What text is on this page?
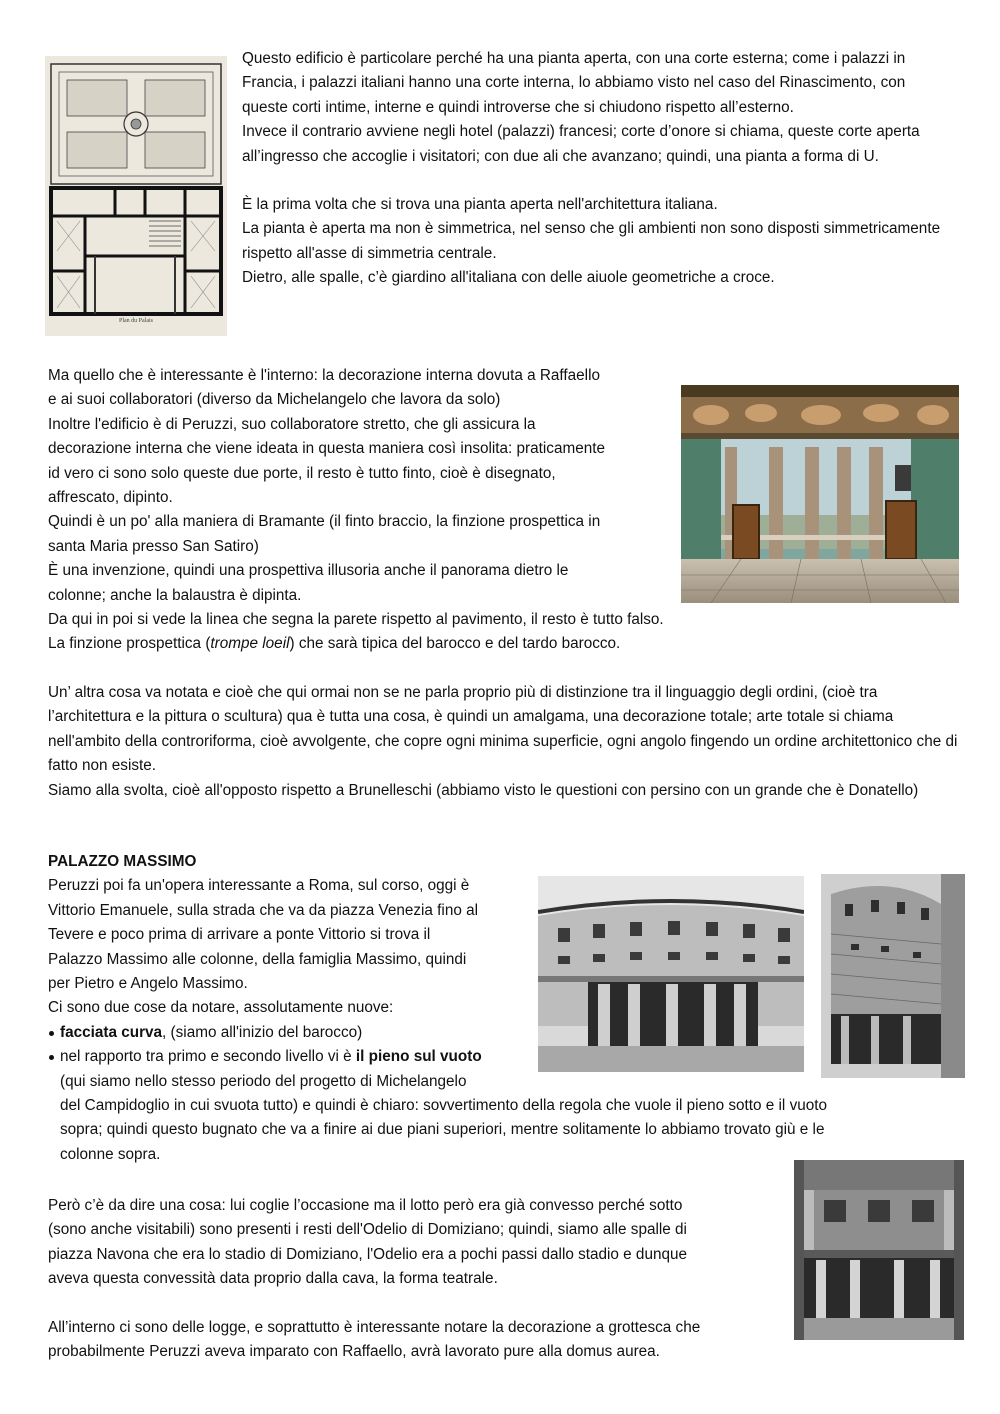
Plan du Palais

Questo edificio è particolare perché ha una pianta aperta, con una corte esterna; come i palazzi in Francia, i palazzi italiani hanno una corte interna, lo abbiamo visto nel caso del Rinascimento, con queste corti intime, interne e quindi introverse che si chiudono rispetto all’esterno.

Invece il contrario avviene negli hotel (palazzi) francesi; corte d’onore si chiama, queste corte aperta all’ingresso che accoglie i visitatori; con due ali che avanzano; quindi, una pianta a forma di U.

È la prima volta che si trova una pianta aperta nell'architettura italiana.

La pianta è aperta ma non è simmetrica, nel senso che gli ambienti non sono disposti simmetricamente rispetto all'asse di simmetria centrale.

Dietro, alle spalle, c’è giardino all'italiana con delle aiuole geometriche a croce.

Ma quello che è interessante è l'interno: la decorazione interna dovuta a Raffaello

e ai suoi collaboratori (diverso da Michelangelo che lavora da solo)

Inoltre l'edificio è di Peruzzi, suo collaboratore stretto, che gli assicura la

decorazione interna che viene ideata in questa maniera così insolita: praticamente

id vero ci sono solo queste due porte, il resto è tutto finto, cioè è disegnato,

affrescato, dipinto.

Quindi è un po' alla maniera di Bramante (il finto braccio, la finzione prospettica in

santa Maria presso San Satiro)

È una invenzione, quindi una prospettiva illusoria anche il panorama dietro le

colonne; anche la balaustra è dipinta.

Da qui in poi si vede la linea che segna la parete rispetto al pavimento, il resto è tutto falso.

La finzione prospettica (trompe loeil) che sarà tipica del barocco e del tardo barocco.

Un’ altra cosa va notata e cioè che qui ormai non se ne parla proprio più di distinzione tra il linguaggio degli ordini, (cioè tra l’architettura e la pittura o scultura) qua è tutta una cosa, è quindi un amalgama, una decorazione totale; arte totale si chiama nell'ambito della controriforma, cioè avvolgente, che copre ogni minima superficie, ogni angolo fingendo un ordine architettonico che di fatto non esiste.

Siamo alla svolta, cioè all'opposto rispetto a Brunelleschi (abbiamo visto le questioni con persino con un grande che è Donatello)

PALAZZO MASSIMO

Peruzzi poi fa un'opera interessante a Roma, sul corso, oggi è

Vittorio Emanuele, sulla strada che va da piazza Venezia fino al

Tevere e poco prima di arrivare a ponte Vittorio si trova il

Palazzo Massimo alle colonne, della famiglia Massimo, quindi

per Pietro e Angelo Massimo.

Ci sono due cose da notare, assolutamente nuove:

facciata curva, (siamo all'inizio del barocco)

nel rapporto tra primo e secondo livello vi è il pieno sul vuoto

(qui siamo nello stesso periodo del progetto di Michelangelo

del Campidoglio in cui svuota tutto) e quindi è chiaro: sovvertimento della regola che vuole il pieno sotto e il vuoto

sopra; quindi questo bugnato che va a finire ai due piani superiori, mentre solitamente lo abbiamo trovato giù e le

colonne sopra.

Però c’è da dire una cosa: lui coglie l’occasione ma il lotto però era già convesso perché sotto

(sono anche visitabili) sono presenti i resti dell'Odelio di Domiziano; quindi, siamo alle spalle di

piazza Navona che era lo stadio di Domiziano, l'Odelio era a pochi passi dallo stadio e dunque

aveva questa convessità data proprio dalla cava, la forma teatrale.

All’interno ci sono delle logge, e soprattutto è interessante notare la decorazione a grottesca che

probabilmente Peruzzi aveva imparato con Raffaello, avrà lavorato pure alla domus aurea.
